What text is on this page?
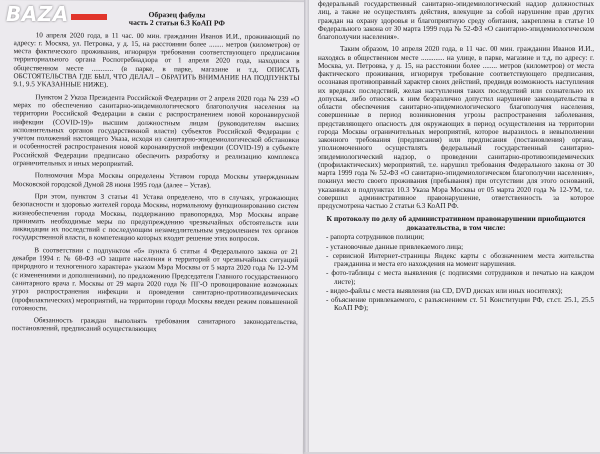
федеральный государственный санитарно-эпидемиологический надзор должностных лиц, а также не осуществлять действия, влекущие за собой нарушение прав других граждан на охрану здоровья и благоприятную среду обитания, закреплена в статье 10 Федерального закона от 30 марта 1999 года № 52-ФЗ «О санитарно-эпидемиологическом благополучии населения».

Таким образом, 10 апреля 2020 года, в 11 час. 00 мин. гражданин Иванов И.И., находясь в общественном месте ............. на улице, в парке, магазине и т.д, по адресу: г. Москва, ул. Петровка, у д. 15, на расстоянии более ........ метров (километров) от места фактического проживания, игнорируя требование соответствующего предписания, осознавая противоправный характер своих действий, предвидя возможность наступления их вредных последствий, желая наступления таких последствий или сознательно их допуская, либо относясь к ним безразлично допустил нарушение законодательства в области обеспечения санитарно-эпидемиологического благополучия населения, совершенные в период возникновения угрозы распространения заболевания, представляющего опасность для окружающих в период осуществления на территории города Москвы ограничительных мероприятий, которое выразилось в невыполнении законного требования (предписания) или предписания (постановления) органа, уполномоченного осуществлять федеральный государственный санитарно-эпидемиологический надзор, о проведении санитарно-противоэпидемических (профилактических) мероприятий, т.е. нарушил требования Федерального закона от 30 марта 1999 года № 52-ФЗ «О санитарно-эпидемиологическом благополучии населения», покинул место своего проживания (пребывания) при отсутствии для этого оснований, указанных в подпунктах 10.3 Указа Мэра Москвы от 05 марта 2020 года № 12-УМ, т.е. совершил административное правонарушение, ответственность за которое предусмотрена частью 2 статьи 6.3 КоАП РФ.

К протоколу по делу об административном правонарушении приобщаются доказательства, в том числе:

- рапорта сотрудников полиции;

- установочные данные привлекаемого лица;

- сервисной Интернет-страницы Яндекс карты с обозначением места жительства гражданина и места его нахождения на момент нарушения.

- фото-таблицы с места выявления (с подписями сотрудников и печатью на каждом листе);

- видео-файлы с места выявления (на CD, DVD дисках или иных носителях);

- объяснение привлекаемого, с разъяснением ст. 51 Конституции РФ, ст.ст. 25.1, 25.5 КоАП РФ);

Образец фабулы
часть 2 статьи 6.3 КоАП РФ

10 апреля 2020 года, в 11 час. 00 мин. гражданин Иванов И.И., проживающий по адресу: г. Москва, ул. Петровка, у д. 15, на расстоянии более ........ метров (километров) от места фактического проживания, игнорируя требования соответствующего предписания территориального органа Роспотребнадзора от 1 апреля 2020 года, находился в общественном месте ............ (в парке, в парке, магазине и т.д. ОПИСАТЬ ОБСТОЯТЕЛЬСТВА ГДЕ БЫЛ, ЧТО ДЕЛАЛ – ОБРАТИТЬ ВНИМАНИЕ НА ПОДПУНКТЫ 9.1, 9.5 УКАЗАННЫЕ НИЖЕ).

Пунктом 2 Указа Президента Российской Федерации от 2 апреля 2020 года № 239 «О мерах по обеспечению санитарно-эпидемиологического благополучия населения на территории Российской Федерации в связи с распространением новой коронавирусной инфекции (COVID-19)» высшим должностным лицам (руководителям высших исполнительных органов государственной власти) субъектов Российской Федерации с учетом положений настоящего Указа, исходя из санитарно-эпидемиологической обстановки и особенностей распространения новой коронавирусной инфекции (COVID-19) в субъекте Российской Федерации предписано обеспечить разработку и реализацию комплекса ограничительных и иных мероприятий.

Полномочия Мэра Москвы определены Уставом города Москвы утвержденным Московской городской Думой 28 июня 1995 года (далее – Устав).

При этом, пунктом 3 статьи 41 Устава определено, что в случаях, угрожающих безопасности и здоровью жителей города Москвы, нормальному функционированию систем жизнеобеспечения города Москвы, поддержанию правопорядка, Мэр Москвы вправе принимать необходимые меры по предупреждению чрезвычайных обстоятельств или ликвидации их последствий с последующим незамедлительным уведомлением тех органов государственной власти, в компетенцию которых входит решение этих вопросов.

В соответствии с подпунктом «б» пункта 6 статьи 4 Федерального закона от 21 декабря 1994 г. № 68-ФЗ «О защите населения и территорий от чрезвычайных ситуаций природного и техногенного характера» указом Мэра Москвы от 5 марта 2020 года № 12-УМ (с изменениями и дополнениями), по предложению Председателя Главного государственного санитарного врача г. Москвы от 29 марта 2020 года № ПГ-О провоцирование возможных угроз распространения инфекции и проведения санитарно-противоэпидемических (профилактических) мероприятий, на территории города Москвы введен режим повышенной готовности.

Обязанность граждан выполнять требования санитарного законодательства, постановлений, предписаний осуществляющих

BAZA
